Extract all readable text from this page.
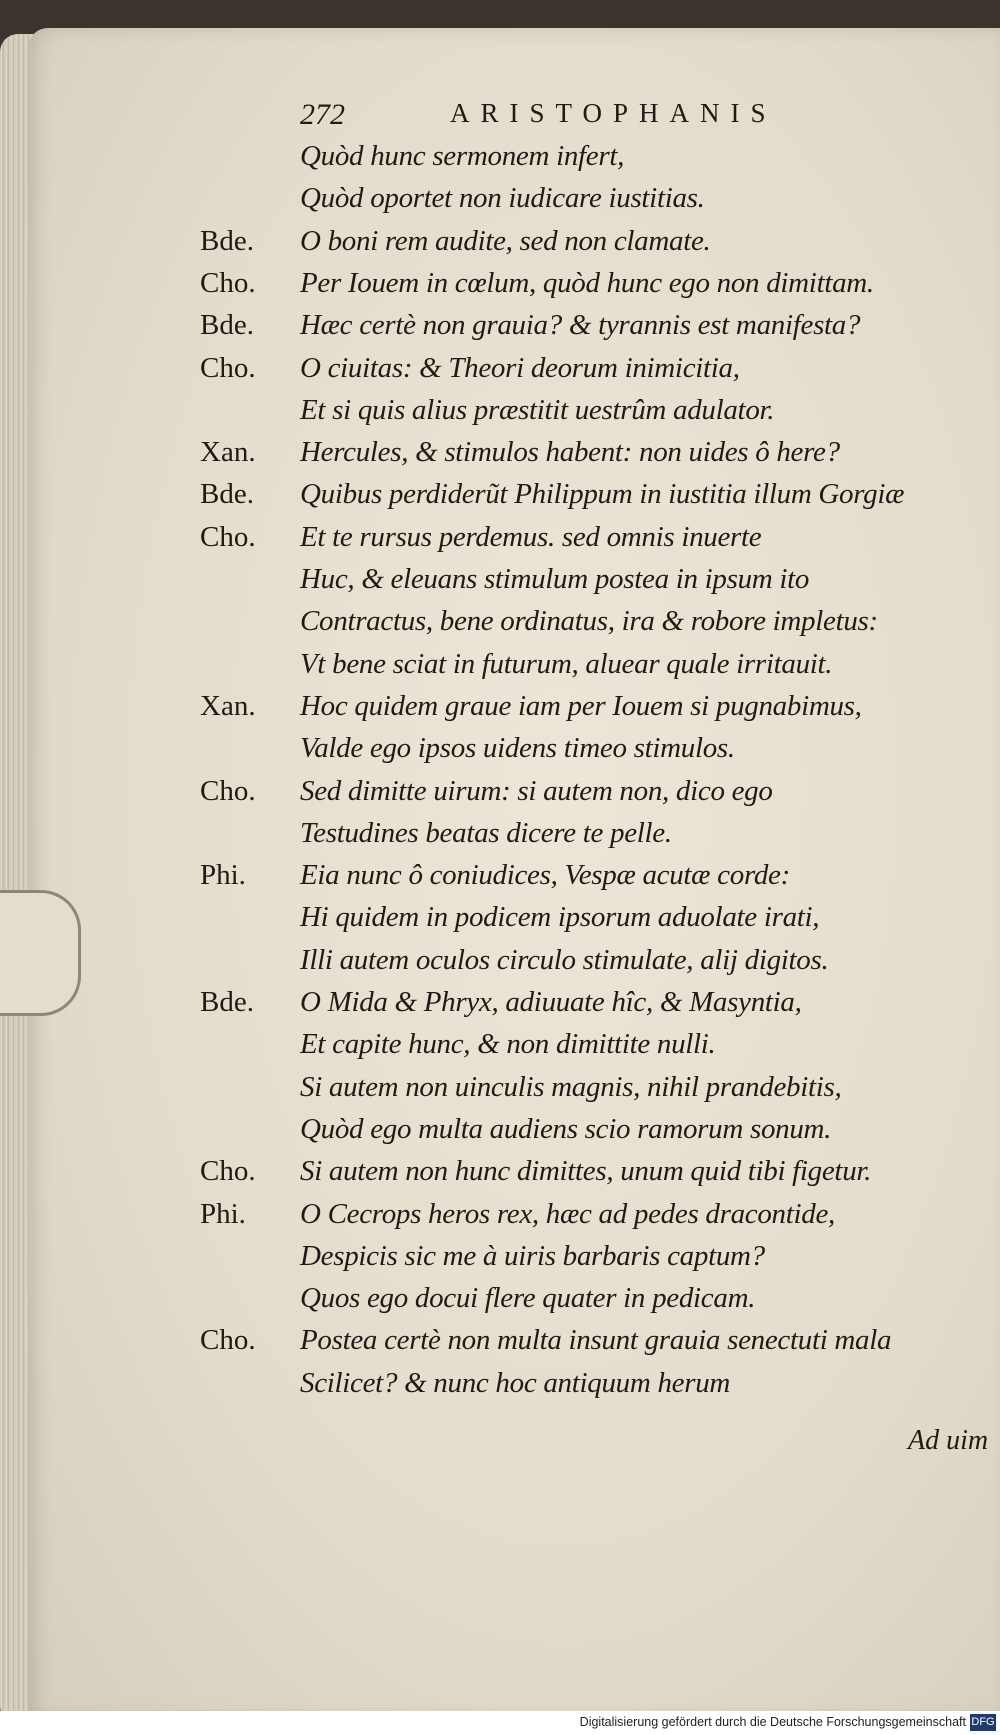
272	ARISTOPHANIS
Quòd hunc sermonem infert,
Quòd oportet non iudicare iustitias.
Bde.	O boni rem audite, sed non clamate.
Cho.	Per Iouem in cœlum, quòd hunc ego non dimittam.
Bde.	Hæc certè non grauia? & tyrannis est manifesta?
Cho.	O ciuitas: & Theori deorum inimicitia,
Et si quis alius præstitit uestrûm adulator.
Xan.	Hercules, & stimulos habent: non uides ô here?
Bde.	Quibus perdiderũt Philippum in iustitia illum Gorgiæ
Cho.	Et te rursus perdemus. sed omnis inuerte
Huc, & eleuans stimulum postea in ipsum ito
Contractus, bene ordinatus, ira & robore impletus:
Vt bene sciat in futurum, aluear quale irritauit.
Xan.	Hoc quidem graue iam per Iouem si pugnabimus,
Valde ego ipsos uidens timeo stimulos.
Cho.	Sed dimitte uirum: si autem non, dico ego
Testudines beatas dicere te pelle.
Phi.	Eia nunc ô coniudices, Vespæ acutæ corde:
Hi quidem in podicem ipsorum aduolate irati,
Illi autem oculos circulo stimulate, alij digitos.
Bde.	O Mida & Phryx, adiuuate hîc, & Masyntia,
Et capite hunc, & non dimittite nulli.
Si autem non uinculis magnis, nihil prandebitis,
Quòd ego multa audiens scio ramorum sonum.
Cho.	Si autem non hunc dimittes, unum quid tibi figetur.
Phi.	O Cecrops heros rex, hæc ad pedes dracontide,
Despicis sic me à uiris barbaris captum?
Quos ego docui flere quater in pedicam.
Cho.	Postea certè non multa insunt grauia senectuti mala
Scilicet? & nunc hoc antiquum herum
Ad uim
Digitalisierung gefördert durch die Deutsche Forschungsgemeinschaft DFG
